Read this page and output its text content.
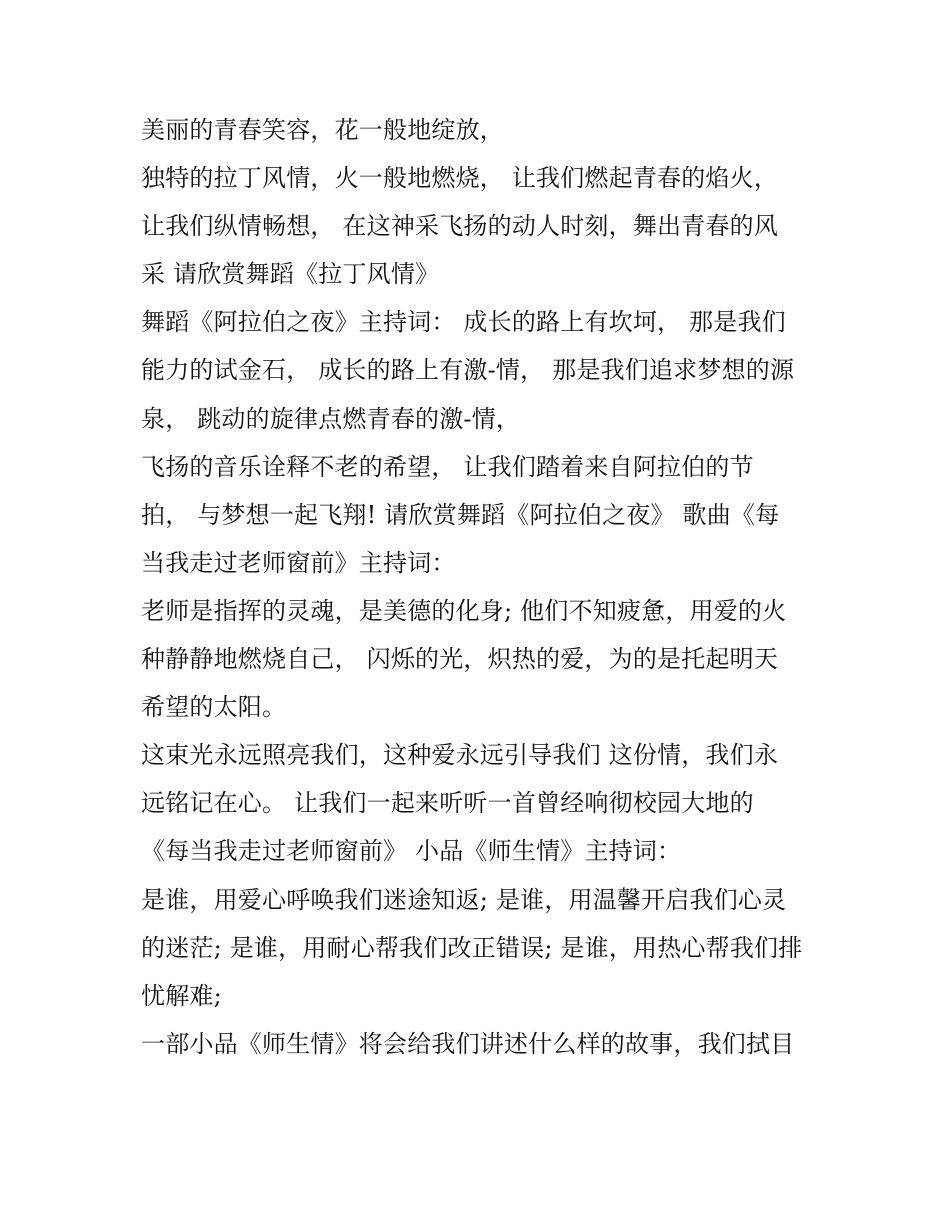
美丽的青春笑容，花一般地绽放，
独特的拉丁风情，火一般地燃烧， 让我们燃起青春的焰火，
让我们纵情畅想， 在这神采飞扬的动人时刻，舞出青春的风
采 请欣赏舞蹈《拉丁风情》
舞蹈《阿拉伯之夜》主持词： 成长的路上有坎坷， 那是我们
能力的试金石， 成长的路上有激-情， 那是我们追求梦想的源
泉， 跳动的旋律点燃青春的激-情，
飞扬的音乐诠释不老的希望， 让我们踏着来自阿拉伯的节
拍， 与梦想一起飞翔! 请欣赏舞蹈《阿拉伯之夜》 歌曲《每
当我走过老师窗前》主持词：
老师是指挥的灵魂，是美德的化身; 他们不知疲惫，用爱的火
种静静地燃烧自己， 闪烁的光，炽热的爱，为的是托起明天
希望的太阳。
这束光永远照亮我们，这种爱永远引导我们 这份情，我们永
远铭记在心。 让我们一起来听听一首曾经响彻校园大地的
《每当我走过老师窗前》 小品《师生情》主持词：
是谁，用爱心呼唤我们迷途知返; 是谁，用温馨开启我们心灵
的迷茫; 是谁，用耐心帮我们改正错误; 是谁，用热心帮我们排
忧解难;
一部小品《师生情》将会给我们讲述什么样的故事，我们拭目
